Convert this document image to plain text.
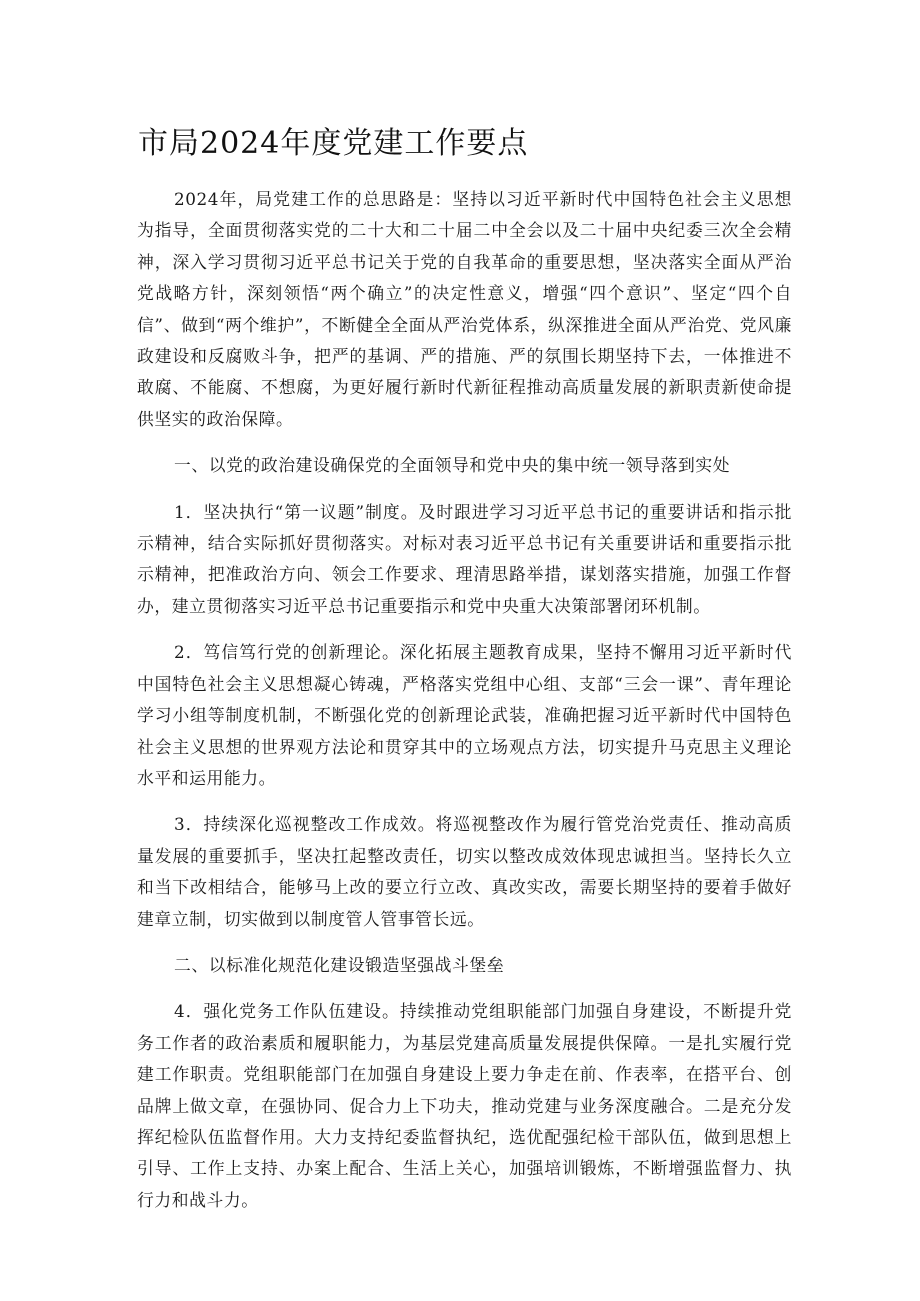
市局2024年度党建工作要点

2024年，局党建工作的总思路是：坚持以习近平新时代中国特色社会主义思想为指导，全面贯彻落实党的二十大和二十届二中全会以及二十届中央纪委三次全会精神，深入学习贯彻习近平总书记关于党的自我革命的重要思想，坚决落实全面从严治党战略方针，深刻领悟“两个确立”的决定性意义，增强“四个意识”、坚定“四个自信”、做到“两个维护”，不断健全全面从严治党体系，纵深推进全面从严治党、党风廉政建设和反腐败斗争，把严的基调、严的措施、严的氛围长期坚持下去，一体推进不敢腐、不能腐、不想腐，为更好履行新时代新征程推动高质量发展的新职责新使命提供坚实的政治保障。

一、以党的政治建设确保党的全面领导和党中央的集中统一领导落到实处

1．坚决执行“第一议题”制度。及时跟进学习习近平总书记的重要讲话和指示批示精神，结合实际抓好贯彻落实。对标对表习近平总书记有关重要讲话和重要指示批示精神，把准政治方向、领会工作要求、理清思路举措，谋划落实措施，加强工作督办，建立贯彻落实习近平总书记重要指示和党中央重大决策部署闭环机制。

2．笃信笃行党的创新理论。深化拓展主题教育成果，坚持不懈用习近平新时代中国特色社会主义思想凝心铸魂，严格落实党组中心组、支部“三会一课”、青年理论学习小组等制度机制，不断强化党的创新理论武装，准确把握习近平新时代中国特色社会主义思想的世界观方法论和贯穿其中的立场观点方法，切实提升马克思主义理论水平和运用能力。

3．持续深化巡视整改工作成效。将巡视整改作为履行管党治党责任、推动高质量发展的重要抓手，坚决扛起整改责任，切实以整改成效体现忠诚担当。坚持长久立和当下改相结合，能够马上改的要立行立改、真改实改，需要长期坚持的要着手做好建章立制，切实做到以制度管人管事管长远。

二、以标准化规范化建设锻造坚强战斗堡垒

4．强化党务工作队伍建设。持续推动党组职能部门加强自身建设，不断提升党务工作者的政治素质和履职能力，为基层党建高质量发展提供保障。一是扎实履行党建工作职责。党组职能部门在加强自身建设上要力争走在前、作表率，在搭平台、创品牌上做文章，在强协同、促合力上下功夫，推动党建与业务深度融合。二是充分发挥纪检队伍监督作用。大力支持纪委监督执纪，选优配强纪检干部队伍，做到思想上引导、工作上支持、办案上配合、生活上关心，加强培训锻炼，不断增强监督力、执行力和战斗力。
